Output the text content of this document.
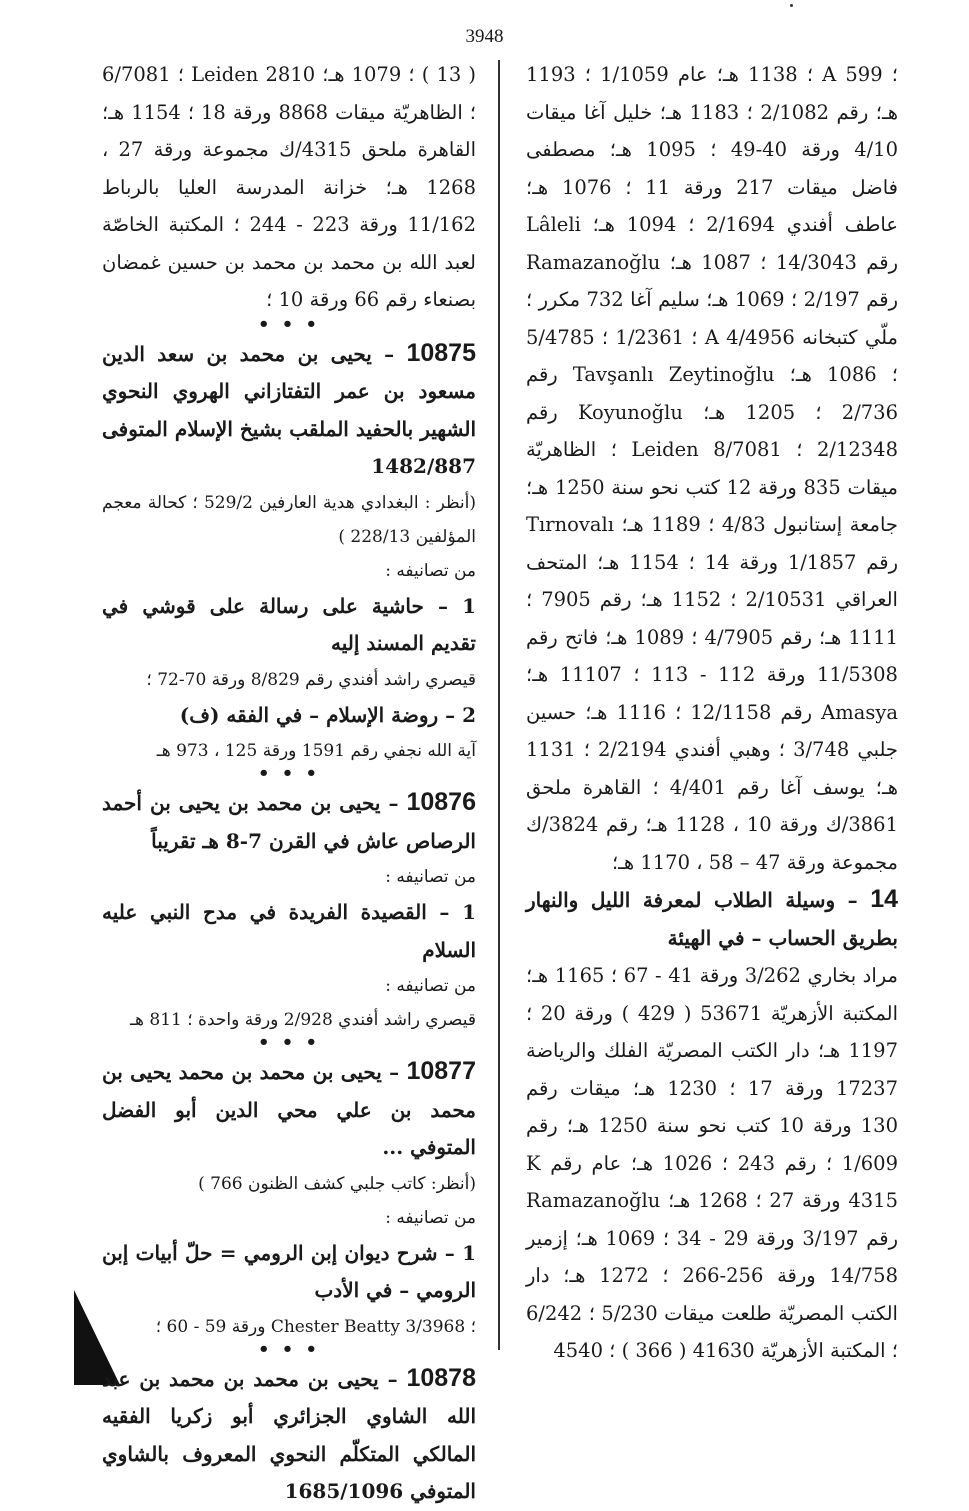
3948

؛ A 599 ؛ 1138 هـ؛ عام 1/1059 ؛ 1193 هـ؛ رقم 2/1082 ؛ 1183 هـ؛ خليل آغا ميقات 4/10 ورقة 40-49 ؛ 1095 هـ؛ مصطفى فاضل ميقات 217 ورقة 11 ؛ 1076 هـ؛ عاطف أفندي 2/1694 ؛ 1094 هـ؛ Lâleli رقم 14/3043 ؛ 1087 هـ؛ Ramazanoğlu رقم 2/197 ؛ 1069 هـ؛ سليم آغا 732 مكرر ؛ ملّي كتبخانه A 4/4956 ؛ 1/2361 ؛ 5/4785 ؛ 1086 هـ؛ Tavşanlı Zeytinoğlu رقم 2/736 ؛ 1205 هـ؛ Koyunoğlu رقم 2/12348 ؛ 8/7081 Leiden ؛ الظاهريّة ميقات 835 ورقة 12 كتب نحو سنة 1250 هـ؛ جامعة إستانبول 4/83 ؛ 1189 هـ؛ Tırnovalı رقم 1/1857 ورقة 14 ؛ 1154 هـ؛ المتحف العراقي 2/10531 ؛ 1152 هـ؛ رقم 7905 ؛ 1111 هـ؛ رقم 4/7905 ؛ 1089 هـ؛ فاتح رقم 11/5308 ورقة 112 - 113 ؛ 11107 هـ؛ Amasya رقم 12/1158 ؛ 1116 هـ؛ حسين جلبي 3/748 ؛ وهبي أفندي 2/2194 ؛ 1131 هـ؛ يوسف آغا رقم 4/401 ؛ القاهرة ملحق 3861/ك ورقة 10 ، 1128 هـ؛ رقم 3824/ك مجموعة ورقة 47 – 58 ، 1170 هـ؛

14 – وسيلة الطلاب لمعرفة الليل والنهار بطريق الحساب – في الهيئة

مراد بخاري 3/262 ورقة 41 - 67 ؛ 1165 هـ؛ المكتبة الأزهريّة 53671 ( 429 ) ورقة 20 ؛ 1197 هـ؛ دار الكتب المصريّة الفلك والرياضة 17237 ورقة 17 ؛ 1230 هـ؛ ميقات رقم 130 ورقة 10 كتب نحو سنة 1250 هـ؛ رقم 1/609 ؛ رقم 243 ؛ 1026 هـ؛ عام رقم K 4315 ورقة 27 ؛ 1268 هـ؛ Ramazanoğlu رقم 3/197 ورقة 29 - 34 ؛ 1069 هـ؛ إزمير 14/758 ورقة 256-266 ؛ 1272 هـ؛ دار الكتب المصريّة طلعت ميقات 5/230 ؛ 6/242 ؛ المكتبة الأزهريّة 41630 ( 366 ) ؛ 4540

( 13 ) ؛ 1079 هـ؛ 2810 Leiden ؛ 6/7081 ؛ الظاهريّة ميقات 8868 ورقة 18 ؛ 1154 هـ؛ القاهرة ملحق 4315/ك مجموعة ورقة 27 ، 1268 هـ؛ خزانة المدرسة العليا بالرباط 11/162 ورقة 223 - 244 ؛ المكتبة الخاصّة لعبد الله بن محمد بن محمد بن حسين غمضان بصنعاء رقم 66 ورقة 10 ؛

• • •

10875 – يحيى بن محمد بن سعد الدين مسعود بن عمر التفتازاني الهروي النحوي الشهير بالحفيد الملقب بشيخ الإسلام المتوفى 1482/887

(أنظر : البغدادي هدية العارفين 529/2 ؛ كحالة معجم المؤلفين 228/13 )

من تصانيفه :

1 – حاشية على رسالة على قوشي في تقديم المسند إليه

قيصري راشد أفندي رقم 8/829 ورقة 70-72 ؛

2 – روضة الإسلام – في الفقه (ف)

آية الله نجفي رقم 1591 ورقة 125 ، 973 هـ

• • •

10876 – يحيى بن محمد بن يحيى بن أحمد الرصاص عاش في القرن 7-8 هـ تقريباً

من تصانيفه :

1 – القصيدة الفريدة في مدح النبي عليه السلام

من تصانيفه :

قيصري راشد أفندي 2/928 ورقة واحدة ؛ 811 هـ

• • •

10877 – يحيى بن محمد بن محمد يحيى بن محمد بن علي محي الدين أبو الفضل المتوفي ...

(أنظر: كاتب جلبي كشف الظنون 766 )

من تصانيفه :

1 – شرح ديوان إبن الرومي = حلّ أبيات إبن الرومي – في الأدب

؛ 3/3968 Chester Beatty ورقة 59 - 60 ؛

• • •

10878 – يحيى بن محمد بن محمد بن عبد الله الشاوي الجزائري أبو زكريا الفقيه المالكي المتكلّم النحوي المعروف بالشاوي المتوفي 1685/1096
